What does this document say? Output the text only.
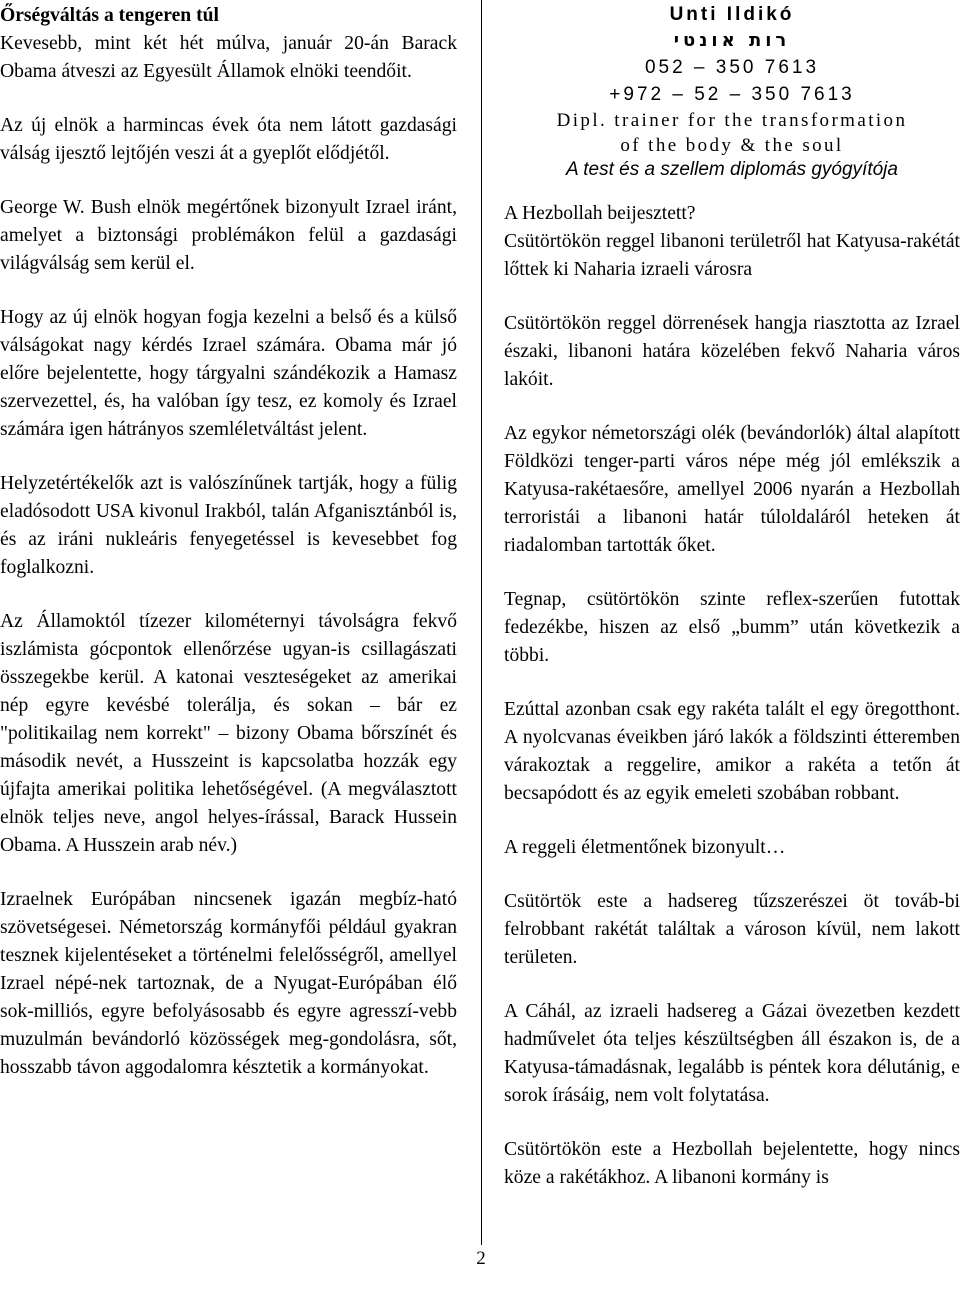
Őrségváltás a tengeren túl

Kevesebb, mint két hét múlva, január 20-án Barack Obama átveszi az Egyesült Államok elnöki teendőit.

Az új elnök a harmincas évek óta nem látott gazdasági válság ijesztő lejtőjén veszi át a gyeplőt elődjétől.

George W. Bush elnök megértőnek bizonyult Izrael iránt, amelyet a biztonsági problémákon felül a gazdasági világválság sem kerül el.

Hogy az új elnök hogyan fogja kezelni a belső és a külső válságokat nagy kérdés Izrael számára. Obama már jó előre bejelentette, hogy tárgyalni szándékozik a Hamasz szervezettel, és, ha valóban így tesz, ez komoly és Izrael számára igen hátrányos szemléletváltást jelent.

Helyzetértékelők azt is valószínűnek tartják, hogy a fülig eladósodott USA kivonul Irakból, talán Afganisztánból is, és az iráni nukleáris fenyegetéssel is kevesebbet fog foglalkozni.

Az Államoktól tízezer kilométernyi távolságra fekvő iszlámista gócpontok ellenőrzése ugyan-is csillagászati összegekbe kerül. A katonai veszteségeket az amerikai nép egyre kevésbé tolerálja, és sokan – bár ez "politikailag nem korrekt" – bizony Obama bőrszínét és második nevét, a Husszeint is kapcsolatba hozzák egy újfajta amerikai politika lehetőségével. (A megválasztott elnök teljes neve, angol helyes-írással, Barack Hussein Obama. A Husszein arab név.)

Izraelnek Európában nincsenek igazán megbíz-ható szövetségesei. Németország kormányfői például gyakran tesznek kijelentéseket a történelmi felelősségről, amellyel Izrael népé-nek tartoznak, de a Nyugat-Európában élő sok-milliós, egyre befolyásosabb és egyre agresszí-vebb muzulmán bevándorló közösségek meg-gondolásra, sőt, hosszabb távon aggodalomra késztetik a kormányokat.

Unti Ildikó
רות אונטי
052 – 350 7613
+972 – 52 – 350 7613
Dipl. trainer for the transformation
of the body & the soul
A test és a szellem diplomás gyógyítója

A Hezbollah beijesztett?

Csütörtökön reggel libanoni területről hat Katyusa-rakétát lőttek ki Naharia izraeli városra

Csütörtökön reggel dörrenések hangja riasztotta az Izrael északi, libanoni határa közelében fekvő Naharia város lakóit.

Az egykor németországi olék (bevándorlók) által alapított Földközi tenger-parti város népe még jól emlékszik a Katyusa-rakétaesőre, amellyel 2006 nyarán a Hezbollah terroristái a libanoni határ túloldaláról heteken át riadalomban tartották őket.

Tegnap, csütörtökön szinte reflex-szerűen futottak fedezékbe, hiszen az első „bumm” után következik a többi.

Ezúttal azonban csak egy rakéta talált el egy öregotthont. A nyolcvanas éveikben járó lakók a földszinti étteremben várakoztak a reggelire, amikor a rakéta a tetőn át becsapódott és az egyik emeleti szobában robbant.

A reggeli életmentőnek bizonyult…

Csütörtök este a hadsereg tűzszerészei öt továb-bi felrobbant rakétát találtak a városon kívül, nem lakott területen.

A Cáhál, az izraeli hadsereg a Gázai övezetben kezdett hadművelet óta teljes készültségben áll északon is, de a Katyusa-támadásnak, legalább is péntek kora délutánig, e sorok írásáig, nem volt folytatása.

Csütörtökön este a Hezbollah bejelentette, hogy nincs köze a rakétákhoz. A libanoni kormány is

2
